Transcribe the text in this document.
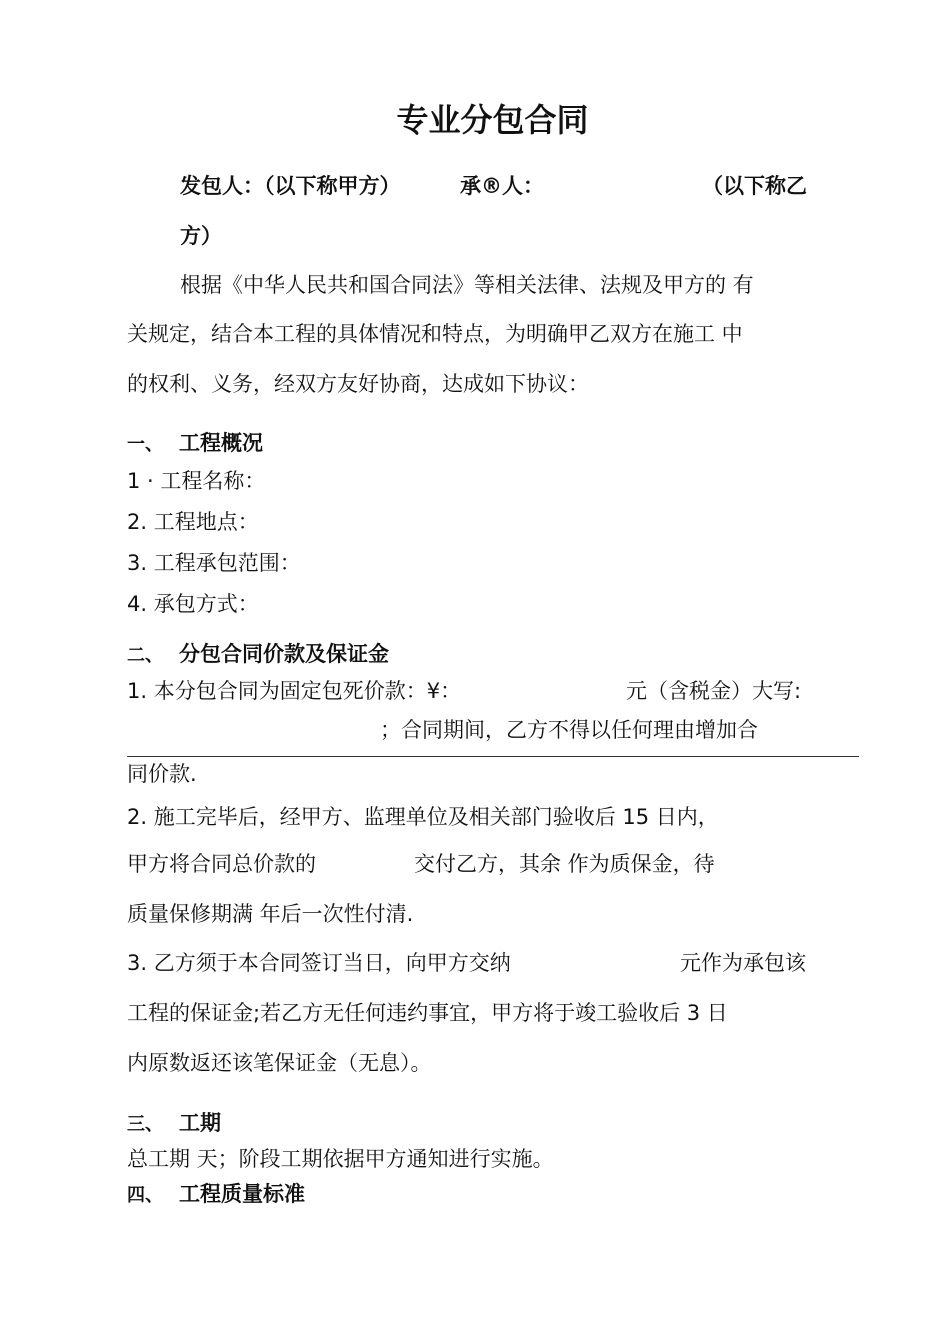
专业分包合同

发包人：（以下称甲方）	承®人：	（以下称乙

方）

根据《中华人民共和国合同法》等相关法律、法规及甲方的 有

关规定，结合本工程的具体情况和特点，为明确甲乙双方在施工 中

的权利、义务，经双方友好协商，达成如下协议：

一、 工程概况

1 · 工程名称：

2. 工程地点：

3. 工程承包范围：

4. 承包方式：

二、 分包合同价款及保证金

1. 本分包合同为固定包死价款：¥：	元（含税金）大写:

；合同期间，乙方不得以任何理由增加合

同价款.

2. 施工完毕后，经甲方、监理单位及相关部门验收后 15 日内，

甲方将合同总价款的	交付乙方，其余 作为质保金，待

质量保修期满 年后一次性付清.

3. 乙方须于本合同签订当日，向甲方交纳	元作为承包该

工程的保证金;若乙方无任何违约事宜，甲方将于竣工验收后 3 日

内原数返还该笔保证金（无息）。

三、 工期

总工期 天；阶段工期依据甲方通知进行实施。

四、 工程质量标准
